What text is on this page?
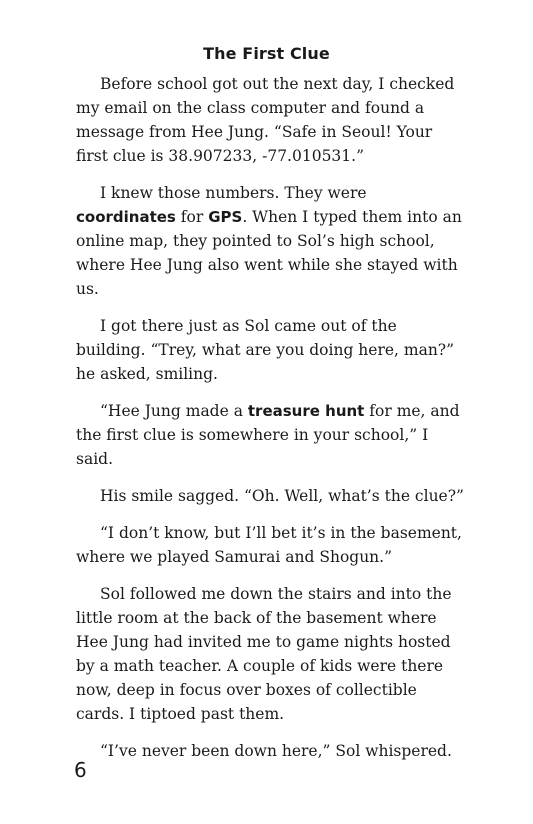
The First Clue

Before school got out the next day, I checked my email on the class computer and found a message from Hee Jung. “Safe in Seoul! Your first clue is 38.907233, -77.010531.”

I knew those numbers. They were coordinates for GPS. When I typed them into an online map, they pointed to Sol’s high school, where Hee Jung also went while she stayed with us.

I got there just as Sol came out of the building. “Trey, what are you doing here, man?” he asked, smiling.

“Hee Jung made a treasure hunt for me, and the first clue is somewhere in your school,” I said.

His smile sagged. “Oh. Well, what’s the clue?”

“I don’t know, but I’ll bet it’s in the basement, where we played Samurai and Shogun.”

Sol followed me down the stairs and into the little room at the back of the basement where Hee Jung had invited me to game nights hosted by a math teacher. A couple of kids were there now, deep in focus over boxes of collectible cards. I tiptoed past them.

“I’ve never been down here,” Sol whispered.

6
